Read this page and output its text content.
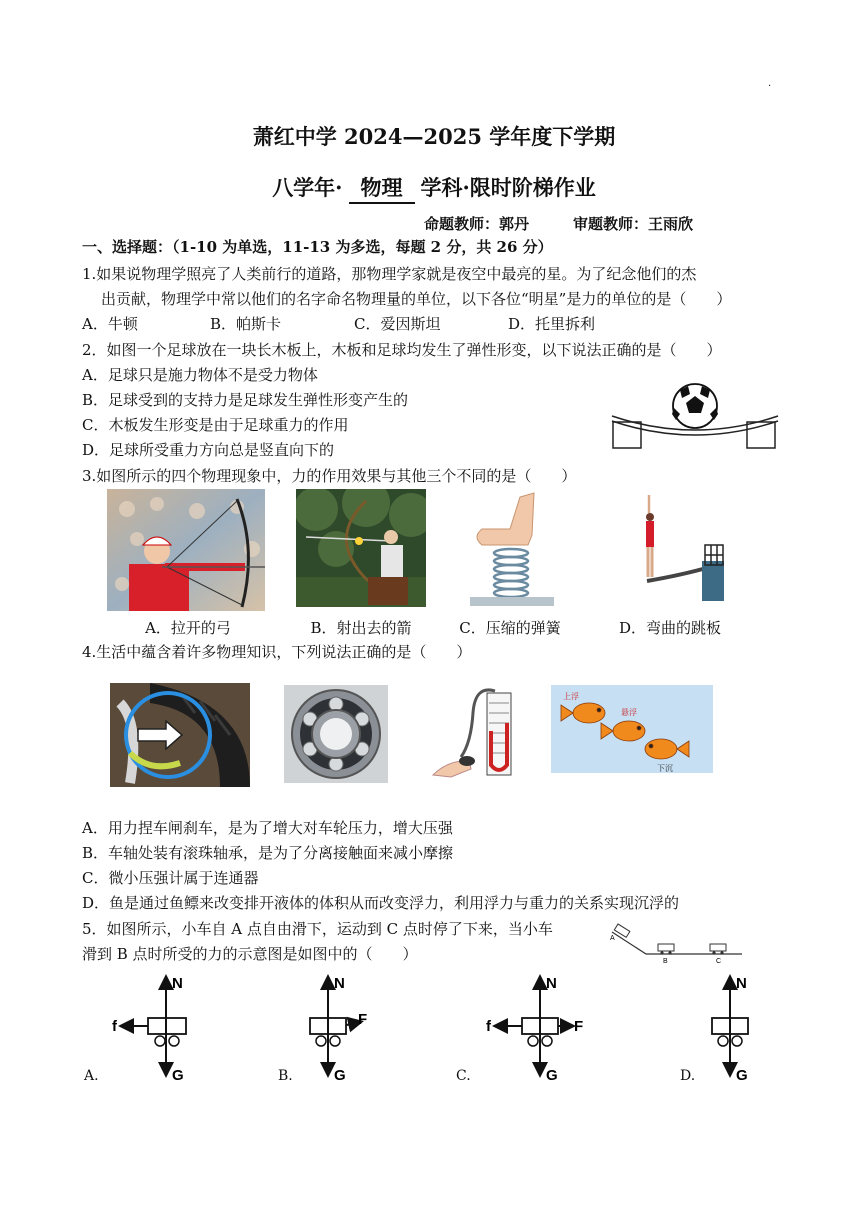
.
萧红中学 2024—2025 学年度下学期
八学年· 物理 学科·限时阶梯作业
命题教师：郭丹	审题教师：王雨欣
一、选择题：（1-10 为单选，11-13 为多选，每题 2 分，共 26 分）
1.如果说物理学照亮了人类前行的道路，那物理学家就是夜空中最亮的星。为了纪念他们的杰
出贡献，物理学中常以他们的名字命名物理量的单位，以下各位“明星”是力的单位的是（　　）
A．牛顿	B．帕斯卡	C．爱因斯坦	D．托里拆利
2．如图一个足球放在一块长木板上，木板和足球均发生了弹性形变，以下说法正确的是（　　）
A．足球只是施力物体不是受力物体
B．足球受到的支持力是足球发生弹性形变产生的
C．木板发生形变是由于足球重力的作用
D．足球所受重力方向总是竖直向下的
3.如图所示的四个物理现象中，力的作用效果与其他三个不同的是（　　）
A．拉开的弓	B．射出去的箭	C．压缩的弹簧	D．弯曲的跳板
4.生活中蕴含着许多物理知识，下列说法正确的是（　　）
上浮
悬浮
下沉
A．用力捏车闸刹车，是为了增大对车轮压力，增大压强
B．车轴处装有滚珠轴承，是为了分离接触面来减小摩擦
C．微小压强计属于连通器
D．鱼是通过鱼鳔来改变排开液体的体积从而改变浮力，利用浮力与重力的关系实现沉浮的
5．如图所示，小车自 A 点自由滑下，运动到 C 点时停了下来，当小车
滑到 B 点时所受的力的示意图是如图中的（　　）
A
B	C
N
G
f
N
G
F
N
G
f	F
N
G
A.	B.	C.	D.
